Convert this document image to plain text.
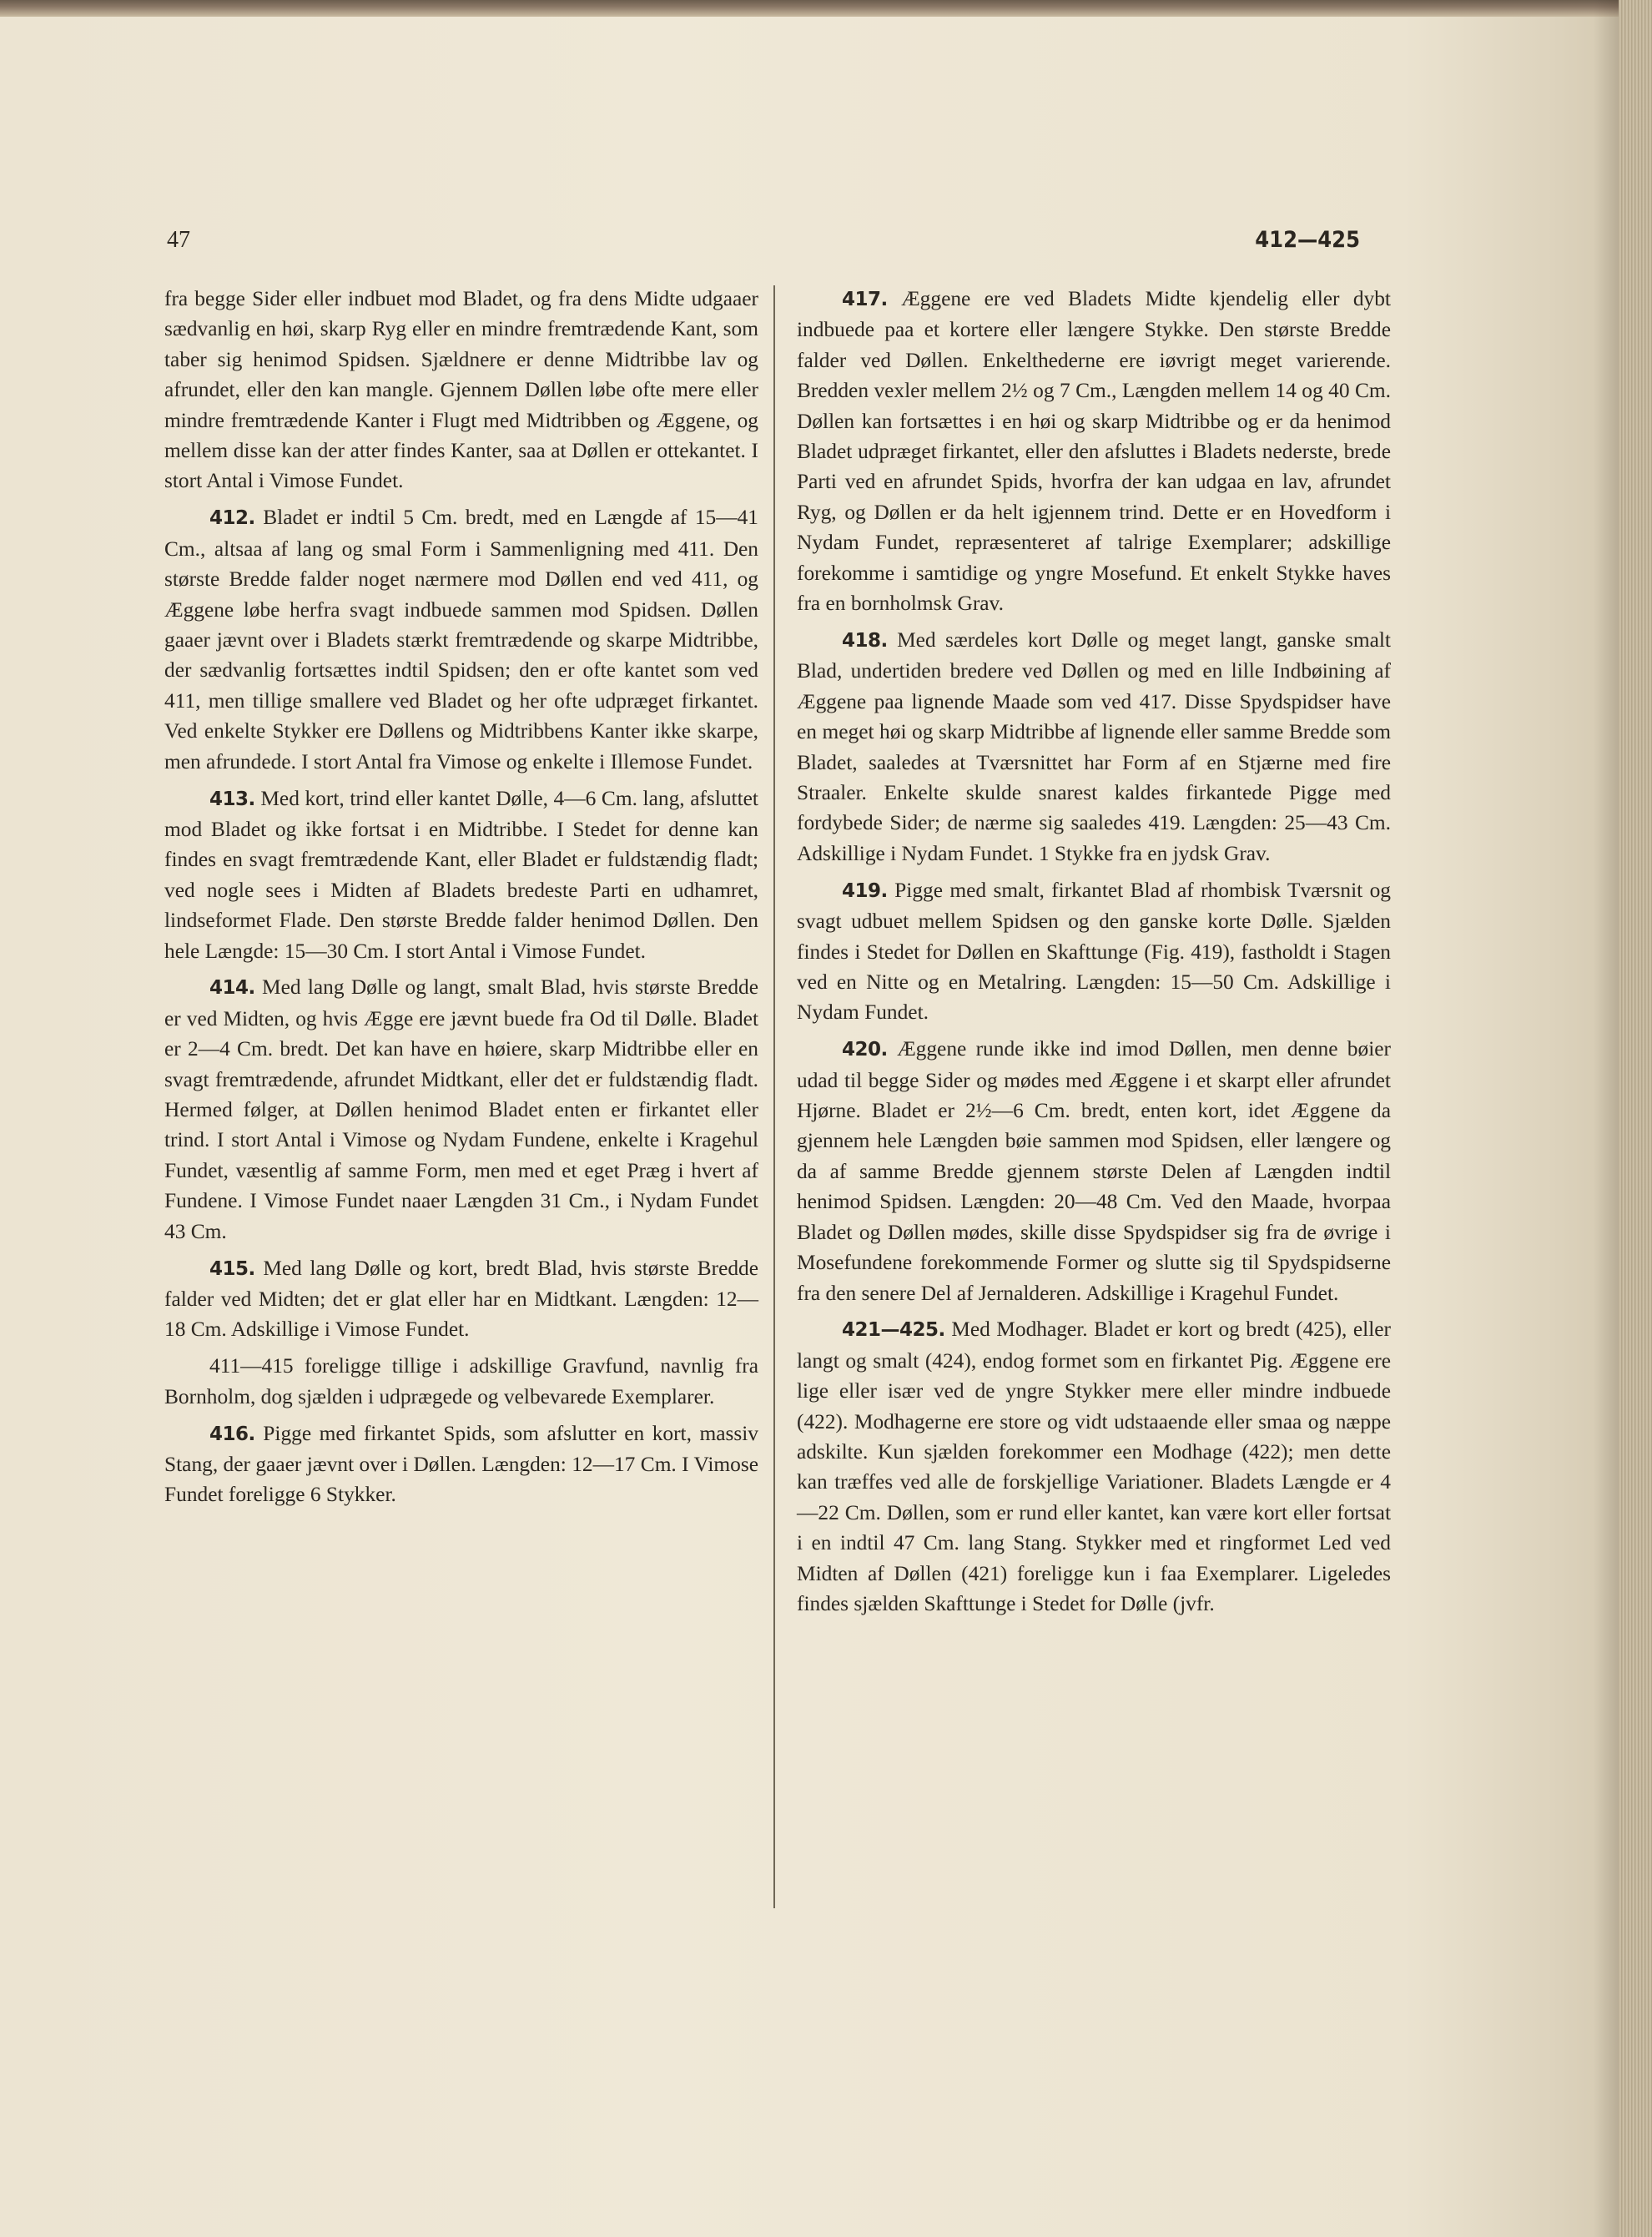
47	412—425

fra begge Sider eller indbuet mod Bladet, og fra dens Midte udgaaer sædvanlig en høi, skarp Ryg eller en mindre fremtrædende Kant, som taber sig henimod Spidsen. Sjældnere er denne Midtribbe lav og afrundet, eller den kan mangle. Gjennem Døllen løbe ofte mere eller mindre fremtrædende Kanter i Flugt med Midtribben og Æggene, og mellem disse kan der atter findes Kanter, saa at Døllen er ottekantet. I stort Antal i Vimose Fundet.

412. Bladet er indtil 5 Cm. bredt, med en Længde af 15—41 Cm., altsaa af lang og smal Form i Sammenligning med 411. Den største Bredde falder noget nærmere mod Døllen end ved 411, og Æggene løbe herfra svagt indbuede sammen mod Spidsen. Døllen gaaer jævnt over i Bladets stærkt fremtrædende og skarpe Midtribbe, der sædvanlig fortsættes indtil Spidsen; den er ofte kantet som ved 411, men tillige smallere ved Bladet og her ofte udpræget firkantet. Ved enkelte Stykker ere Døllens og Midtribbens Kanter ikke skarpe, men afrundede. I stort Antal fra Vimose og enkelte i Illemose Fundet.

413. Med kort, trind eller kantet Dølle, 4—6 Cm. lang, afsluttet mod Bladet og ikke fortsat i en Midtribbe. I Stedet for denne kan findes en svagt fremtrædende Kant, eller Bladet er fuldstændig fladt; ved nogle sees i Midten af Bladets bredeste Parti en udhamret, lindseformet Flade. Den største Bredde falder henimod Døllen. Den hele Længde: 15—30 Cm. I stort Antal i Vimose Fundet.

414. Med lang Dølle og langt, smalt Blad, hvis største Bredde er ved Midten, og hvis Ægge ere jævnt buede fra Od til Dølle. Bladet er 2—4 Cm. bredt. Det kan have en høiere, skarp Midtribbe eller en svagt fremtrædende, afrundet Midtkant, eller det er fuldstændig fladt. Hermed følger, at Døllen henimod Bladet enten er firkantet eller trind. I stort Antal i Vimose og Nydam Fundene, enkelte i Kragehul Fundet, væsentlig af samme Form, men med et eget Præg i hvert af Fundene. I Vimose Fundet naaer Længden 31 Cm., i Nydam Fundet 43 Cm.

415. Med lang Dølle og kort, bredt Blad, hvis største Bredde falder ved Midten; det er glat eller har en Midtkant. Længden: 12—18 Cm. Adskillige i Vimose Fundet.

411—415 foreligge tillige i adskillige Gravfund, navnlig fra Bornholm, dog sjælden i udprægede og velbevarede Exemplarer.

416. Pigge med firkantet Spids, som afslutter en kort, massiv Stang, der gaaer jævnt over i Døllen. Længden: 12—17 Cm. I Vimose Fundet foreligge 6 Stykker.

417. Æggene ere ved Bladets Midte kjendelig eller dybt indbuede paa et kortere eller længere Stykke. Den største Bredde falder ved Døllen. Enkelthederne ere iøvrigt meget varierende. Bredden vexler mellem 2½ og 7 Cm., Længden mellem 14 og 40 Cm. Døllen kan fortsættes i en høi og skarp Midtribbe og er da henimod Bladet udpræget firkantet, eller den afsluttes i Bladets nederste, brede Parti ved en afrundet Spids, hvorfra der kan udgaa en lav, afrundet Ryg, og Døllen er da helt igjennem trind. Dette er en Hovedform i Nydam Fundet, repræsenteret af talrige Exemplarer; adskillige forekomme i samtidige og yngre Mosefund. Et enkelt Stykke haves fra en bornholmsk Grav.

418. Med særdeles kort Dølle og meget langt, ganske smalt Blad, undertiden bredere ved Døllen og med en lille Indbøining af Æggene paa lignende Maade som ved 417. Disse Spydspidser have en meget høi og skarp Midtribbe af lignende eller samme Bredde som Bladet, saaledes at Tværsnittet har Form af en Stjærne med fire Straaler. Enkelte skulde snarest kaldes firkantede Pigge med fordybede Sider; de nærme sig saaledes 419. Længden: 25—43 Cm. Adskillige i Nydam Fundet. 1 Stykke fra en jydsk Grav.

419. Pigge med smalt, firkantet Blad af rhombisk Tværsnit og svagt udbuet mellem Spidsen og den ganske korte Dølle. Sjælden findes i Stedet for Døllen en Skafttunge (Fig. 419), fastholdt i Stagen ved en Nitte og en Metalring. Længden: 15—50 Cm. Adskillige i Nydam Fundet.

420. Æggene runde ikke ind imod Døllen, men denne bøier udad til begge Sider og mødes med Æggene i et skarpt eller afrundet Hjørne. Bladet er 2½—6 Cm. bredt, enten kort, idet Æggene da gjennem hele Længden bøie sammen mod Spidsen, eller længere og da af samme Bredde gjennem største Delen af Længden indtil henimod Spidsen. Længden: 20—48 Cm. Ved den Maade, hvorpaa Bladet og Døllen mødes, skille disse Spydspidser sig fra de øvrige i Mosefundene forekommende Former og slutte sig til Spydspidserne fra den senere Del af Jernalderen. Adskillige i Kragehul Fundet.

421—425. Med Modhager. Bladet er kort og bredt (425), eller langt og smalt (424), endog formet som en firkantet Pig. Æggene ere lige eller især ved de yngre Stykker mere eller mindre indbuede (422). Modhagerne ere store og vidt udstaaende eller smaa og næppe adskilte. Kun sjælden forekommer een Modhage (422); men dette kan træffes ved alle de forskjellige Variationer. Bladets Længde er 4—22 Cm. Døllen, som er rund eller kantet, kan være kort eller fortsat i en indtil 47 Cm. lang Stang. Stykker med et ringformet Led ved Midten af Døllen (421) foreligge kun i faa Exemplarer. Ligeledes findes sjælden Skafttunge i Stedet for Dølle (jvfr.
